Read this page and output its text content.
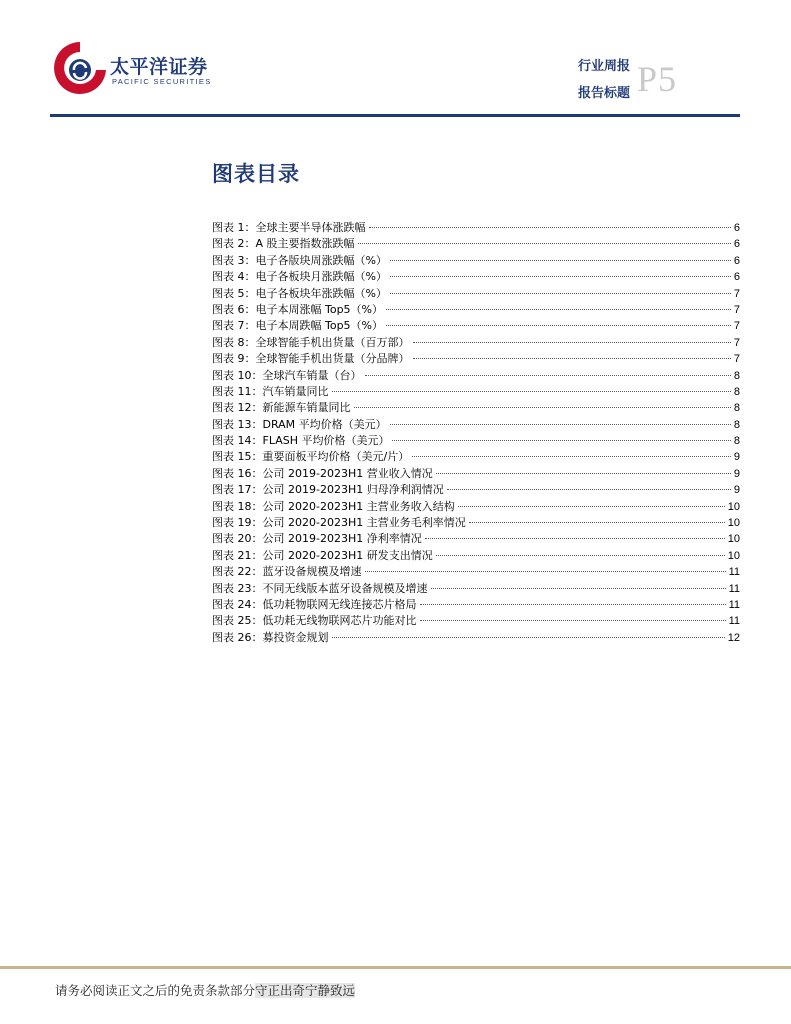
太平洋证券
PACIFIC SECURITIES
行业周报
报告标题 P5
图表目录
图表 1：全球主要半导体涨跌幅	6
图表 2：A 股主要指数涨跌幅	6
图表 3：电子各版块周涨跌幅（%）	6
图表 4：电子各板块月涨跌幅（%）	6
图表 5：电子各板块年涨跌幅（%）	7
图表 6：电子本周涨幅 Top5（%）	7
图表 7：电子本周跌幅 Top5（%）	7
图表 8：全球智能手机出货量（百万部）	7
图表 9：全球智能手机出货量（分品牌）	7
图表 10：全球汽车销量（台）	8
图表 11：汽车销量同比	8
图表 12：新能源车销量同比	8
图表 13：DRAM 平均价格（美元）	8
图表 14：FLASH 平均价格（美元）	8
图表 15：重要面板平均价格（美元/片）	9
图表 16：公司 2019-2023H1 营业收入情况	9
图表 17：公司 2019-2023H1 归母净利润情况	9
图表 18：公司 2020-2023H1 主营业务收入结构	10
图表 19：公司 2020-2023H1 主营业务毛利率情况	10
图表 20：公司 2019-2023H1 净利率情况	10
图表 21：公司 2020-2023H1 研发支出情况	10
图表 22：蓝牙设备规模及增速	11
图表 23：不同无线版本蓝牙设备规模及增速	11
图表 24：低功耗物联网无线连接芯片格局	11
图表 25：低功耗无线物联网芯片功能对比	11
图表 26：募投资金规划	12
请务必阅读正文之后的免责条款部分守正出奇宁静致远
